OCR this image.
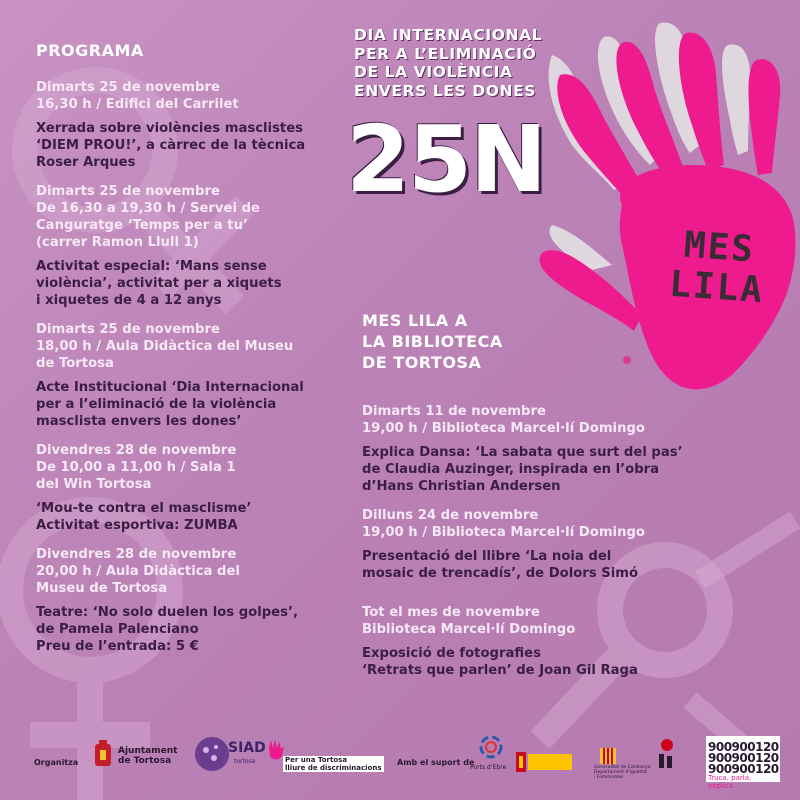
PROGRAMA
Dimarts 25 de novembre
16,30 h / Edifici del Carrilet
Xerrada sobre violències masclistes
‘DIEM PROU!’, a càrrec de la tècnica
Roser Arques
Dimarts 25 de novembre
De 16,30 a 19,30 h / Servei de
Canguratge ‘Temps per a tu’
(carrer Ramon Llull 1)
Activitat especial: ‘Mans sense
violència’, activitat per a xiquets
i xiquetes de 4 a 12 anys
Dimarts 25 de novembre
18,00 h / Aula Didàctica del Museu
de Tortosa
Acte Institucional ‘Dia Internacional
per a l’eliminació de la violència
masclista envers les dones’
Divendres 28 de novembre
De 10,00 a 11,00 h / Sala 1
del Win Tortosa
‘Mou-te contra el masclisme’
Activitat esportiva: ZUMBA
Divendres 28 de novembre
20,00 h / Aula Didàctica del
Museu de Tortosa
Teatre: ‘No solo duelen los golpes’,
de Pamela Palenciano
Preu de l’entrada: 5 €
MES
LILA
DIA INTERNACIONAL
PER A L’ELIMINACIÓ
DE LA VIOLÈNCIA
ENVERS LES DONES
25N
MES LILA A
LA BIBLIOTECA
DE TORTOSA
Dimarts 11 de novembre
19,00 h / Biblioteca Marcel·lí Domingo
Explica Dansa: ‘La sabata que surt del pas’
de Claudia Auzinger, inspirada en l’obra
d’Hans Christian Andersen
Dilluns 24 de novembre
19,00 h / Biblioteca Marcel·lí Domingo
Presentació del llibre ‘La noia del
mosaic de trencadís’, de Dolors Simó
Tot el mes de novembre
Biblioteca Marcel·lí Domingo
Exposició de fotografies
‘Retrats que parlen’ de Joan Gil Raga
Organitza
Ajuntament
de Tortosa
SIAD
tortosa	Per una Tortosa
lliure de discriminacions
Amb el suport de
Ports d’Ebre	Generalitat de Catalunya
Departament d’Igualtat
i Feminismes
900900120
900900120
900900120
Truca, parla, explica.
